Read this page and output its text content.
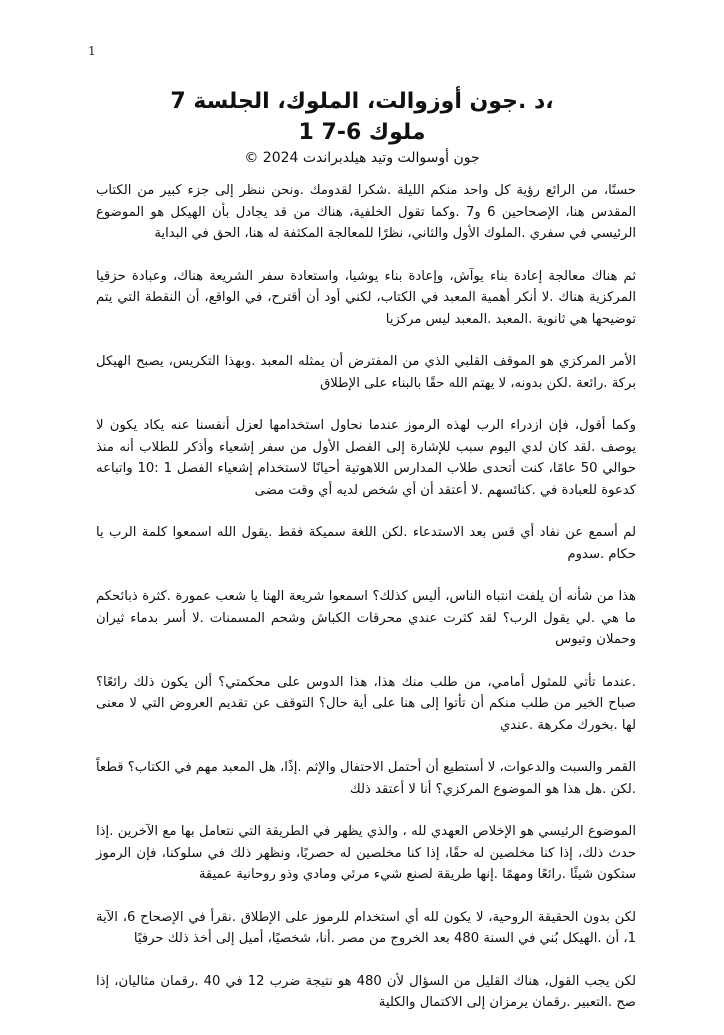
1

،د .جون أوزوالت، الملوك، الجلسة 7

ملوك 6-7 1

جون أوسوالت وتيد هيلدبراندت 2024 ©

حسنًا، من الرائع رؤية كل واحد منكم الليلة .شكرا لقدومك .ونحن ننظر إلى جزء كبير من الكتاب المقدس هنا، الإصحاحين 6 و7 .وكما تقول الخلفية، هناك من قد يجادل بأن الهيكل هو الموضوع الرئيسي في سفري .الملوك الأول والثاني، نظرًا للمعالجة المكثفة له هنا، الحق في البداية

ثم هناك معالجة إعادة بناء يوآش، وإعادة بناء يوشيا، واستعادة سفر الشريعة هناك، وعبادة حزقيا المركزية هناك .لا أنكر أهمية المعبد في الكتاب، لكني أود أن أقترح، في الواقع، أن النقطة التي يتم توضيحها هي ثانوية .المعبد .المعبد ليس مركزيا

الأمر المركزي هو الموقف القلبي الذي من المفترض أن يمثله المعبد .وبهذا التكريس، يصبح الهيكل بركة .رائعة .لكن بدونه، لا يهتم الله حقًا بالبناء على الإطلاق

وكما أقول، فإن ازدراء الرب لهذه الرموز عندما نحاول استخدامها لعزل أنفسنا عنه يكاد يكون لا يوصف .لقد كان لدي اليوم سبب للإشارة إلى الفصل الأول من سفر إشعياء وأذكر للطلاب أنه منذ حوالي 50 عامًا، كنت أتحدى طلاب المدارس اللاهوتية أحيانًا لاستخدام إشعياء الفصل 1 :10 واتباعه كدعوة للعبادة في .كنائسهم .لا أعتقد أن أي شخص لديه أي وقت مضى

لم أسمع عن نفاد أي قس بعد الاستدعاء .لكن اللغة سميكة فقط .يقول الله اسمعوا كلمة الرب يا حكام .سدوم

هذا من شأنه أن يلفت انتباه الناس، أليس كذلك؟ اسمعوا شريعة الهنا يا شعب عمورة .كثرة ذبائحكم ما هي .لي يقول الرب؟ لقد كثرت عندي محرقات الكباش وشحم المسمنات .لا أسر بدماء ثيران وحملان وتيوس

.عندما تأتي للمثول أمامي، من طلب منك هذا، هذا الدوس على محكمتي؟ ألن يكون ذلك رائعًا؟ صباح الخير من طلب منكم أن تأتوا إلى هنا على أية حال؟ التوقف عن تقديم العروض التي لا معنى لها .بخورك مكرهة .عندي

القمر والسبت والدعوات، لا أستطيع أن أحتمل الاحتفال والإثم .إذًا، هل المعبد مهم في الكتاب؟ قطعاً .لكن .هل هذا هو الموضوع المركزي؟ أنا لا أعتقد ذلك

الموضوع الرئيسي هو الإخلاص العهدي لله ، والذي يظهر في الطريقة التي نتعامل بها مع الآخرين .إذا حدث ذلك، إذا كنا مخلصين له حقًا، إذا كنا مخلصين له حصريًا، ونظهر ذلك في سلوكنا، فإن الرموز ستكون شيئًا .رائعًا ومهمًا .إنها طريقة لصنع شيء مرئي ومادي وذو روحانية عميقة

لكن بدون الحقيقة الروحية، لا يكون لله أي استخدام للرموز على الإطلاق .نقرأ في الإصحاح 6، الآية 1، أن .الهيكل بُني في السنة 480 بعد الخروج من مصر .أنا، شخصيًا، أميل إلى أخذ ذلك حرفيًا

لكن يجب القول، هناك القليل من السؤال لأن 480 هو نتيجة ضرب 12 في 40 .رقمان مثاليان، إذا صح .التعبير .رقمان يرمزان إلى الاكتمال والكلية
